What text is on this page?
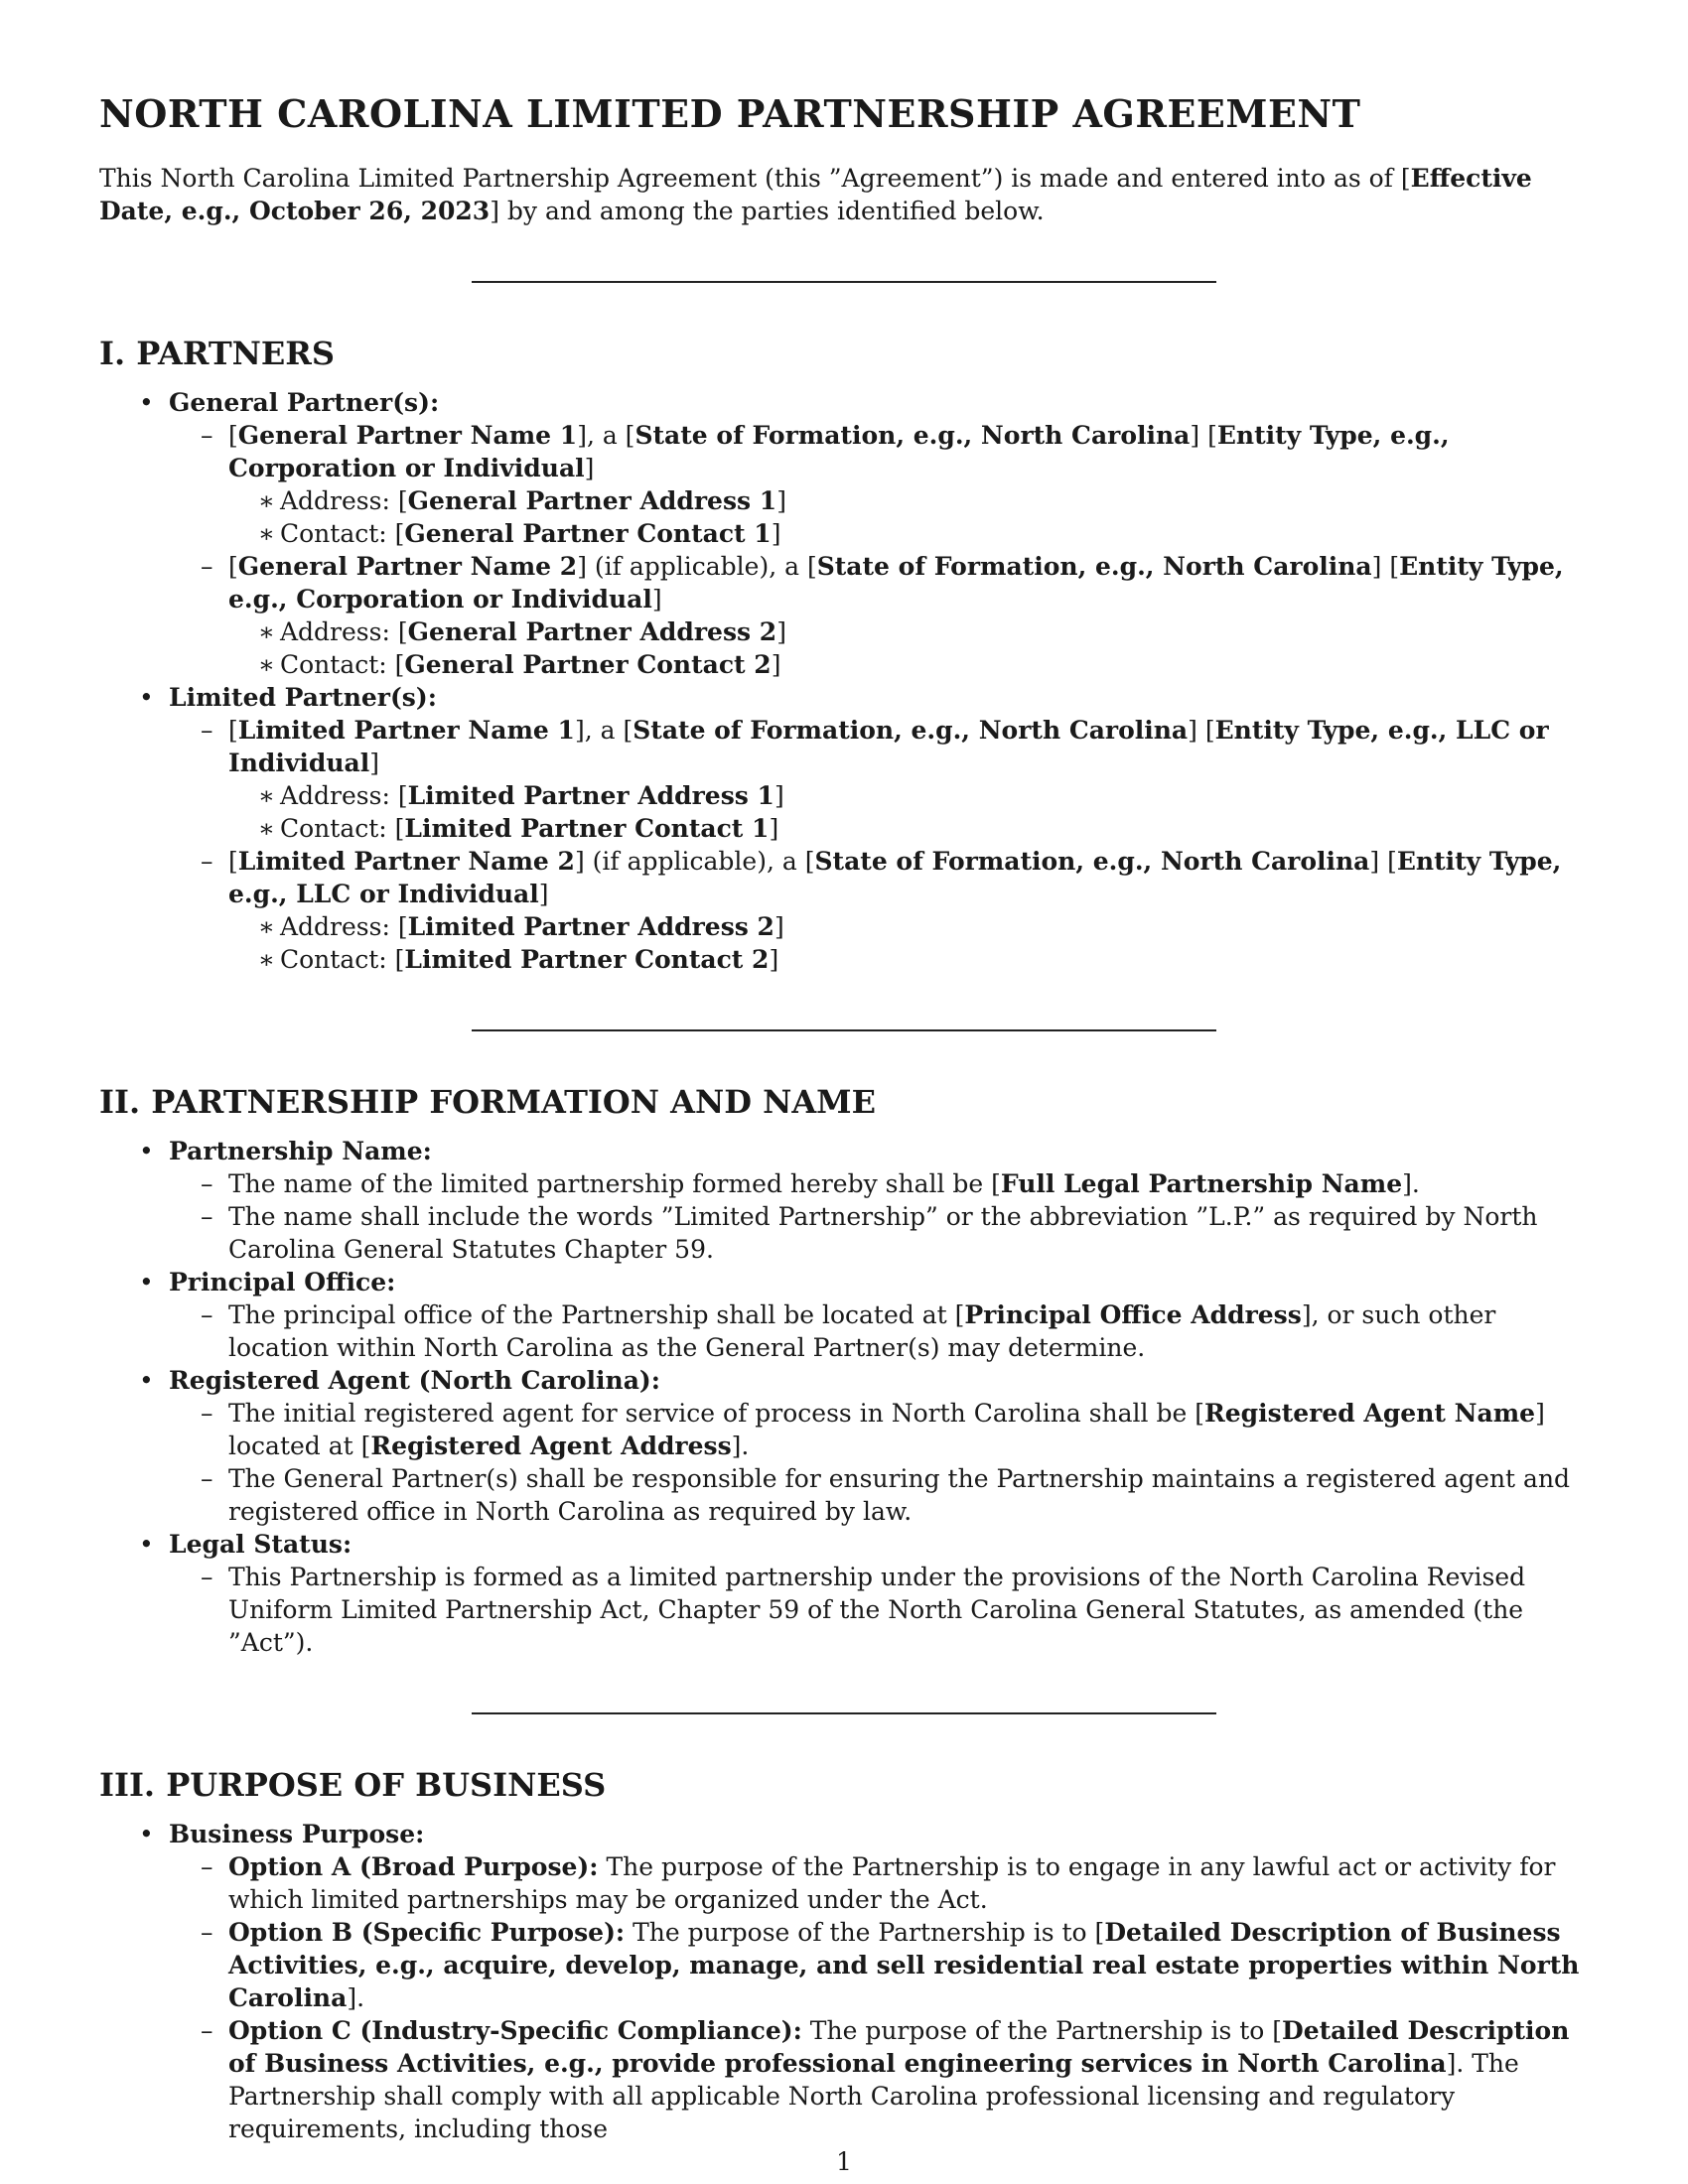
NORTH CAROLINA LIMITED PARTNERSHIP AGREEMENT

This North Carolina Limited Partnership Agreement (this ”Agreement”) is made and entered into as of [Effective Date, e.g., October 26, 2023] by and among the parties identified below.

I. PARTNERS
• General Partner(s):
– [General Partner Name 1], a [State of Formation, e.g., North Carolina] [Entity Type, e.g., Corporation or Individual]
∗ Address: [General Partner Address 1]
∗ Contact: [General Partner Contact 1]
– [General Partner Name 2] (if applicable), a [State of Formation, e.g., North Carolina] [Entity Type, e.g., Corporation or Individual]
∗ Address: [General Partner Address 2]
∗ Contact: [General Partner Contact 2]
• Limited Partner(s):
– [Limited Partner Name 1], a [State of Formation, e.g., North Carolina] [Entity Type, e.g., LLC or Individual]
∗ Address: [Limited Partner Address 1]
∗ Contact: [Limited Partner Contact 1]
– [Limited Partner Name 2] (if applicable), a [State of Formation, e.g., North Carolina] [Entity Type, e.g., LLC or Individual]
∗ Address: [Limited Partner Address 2]
∗ Contact: [Limited Partner Contact 2]
II. PARTNERSHIP FORMATION AND NAME
• Partnership Name:
– The name of the limited partnership formed hereby shall be [Full Legal Partnership Name].
– The name shall include the words ”Limited Partnership” or the abbreviation ”L.P.” as required by North Carolina General Statutes Chapter 59.
• Principal Office:
– The principal office of the Partnership shall be located at [Principal Office Address], or such other location within North Carolina as the General Partner(s) may determine.
• Registered Agent (North Carolina):
– The initial registered agent for service of process in North Carolina shall be [Registered Agent Name] located at [Registered Agent Address].
– The General Partner(s) shall be responsible for ensuring the Partnership maintains a registered agent and registered office in North Carolina as required by law.
• Legal Status:
– This Partnership is formed as a limited partnership under the provisions of the North Carolina Revised Uniform Limited Partnership Act, Chapter 59 of the North Carolina General Statutes, as amended (the ”Act”).
III. PURPOSE OF BUSINESS
• Business Purpose:
– Option A (Broad Purpose): The purpose of the Partnership is to engage in any lawful act or activity for which limited partnerships may be organized under the Act.
– Option B (Specific Purpose): The purpose of the Partnership is to [Detailed Description of Business Activities, e.g., acquire, develop, manage, and sell residential real estate properties within North Carolina].
– Option C (Industry-Specific Compliance): The purpose of the Partnership is to [Detailed Description of Business Activities, e.g., provide professional engineering services in North Carolina]. The Partnership shall comply with all applicable North Carolina professional licensing and regulatory requirements, including those
1
